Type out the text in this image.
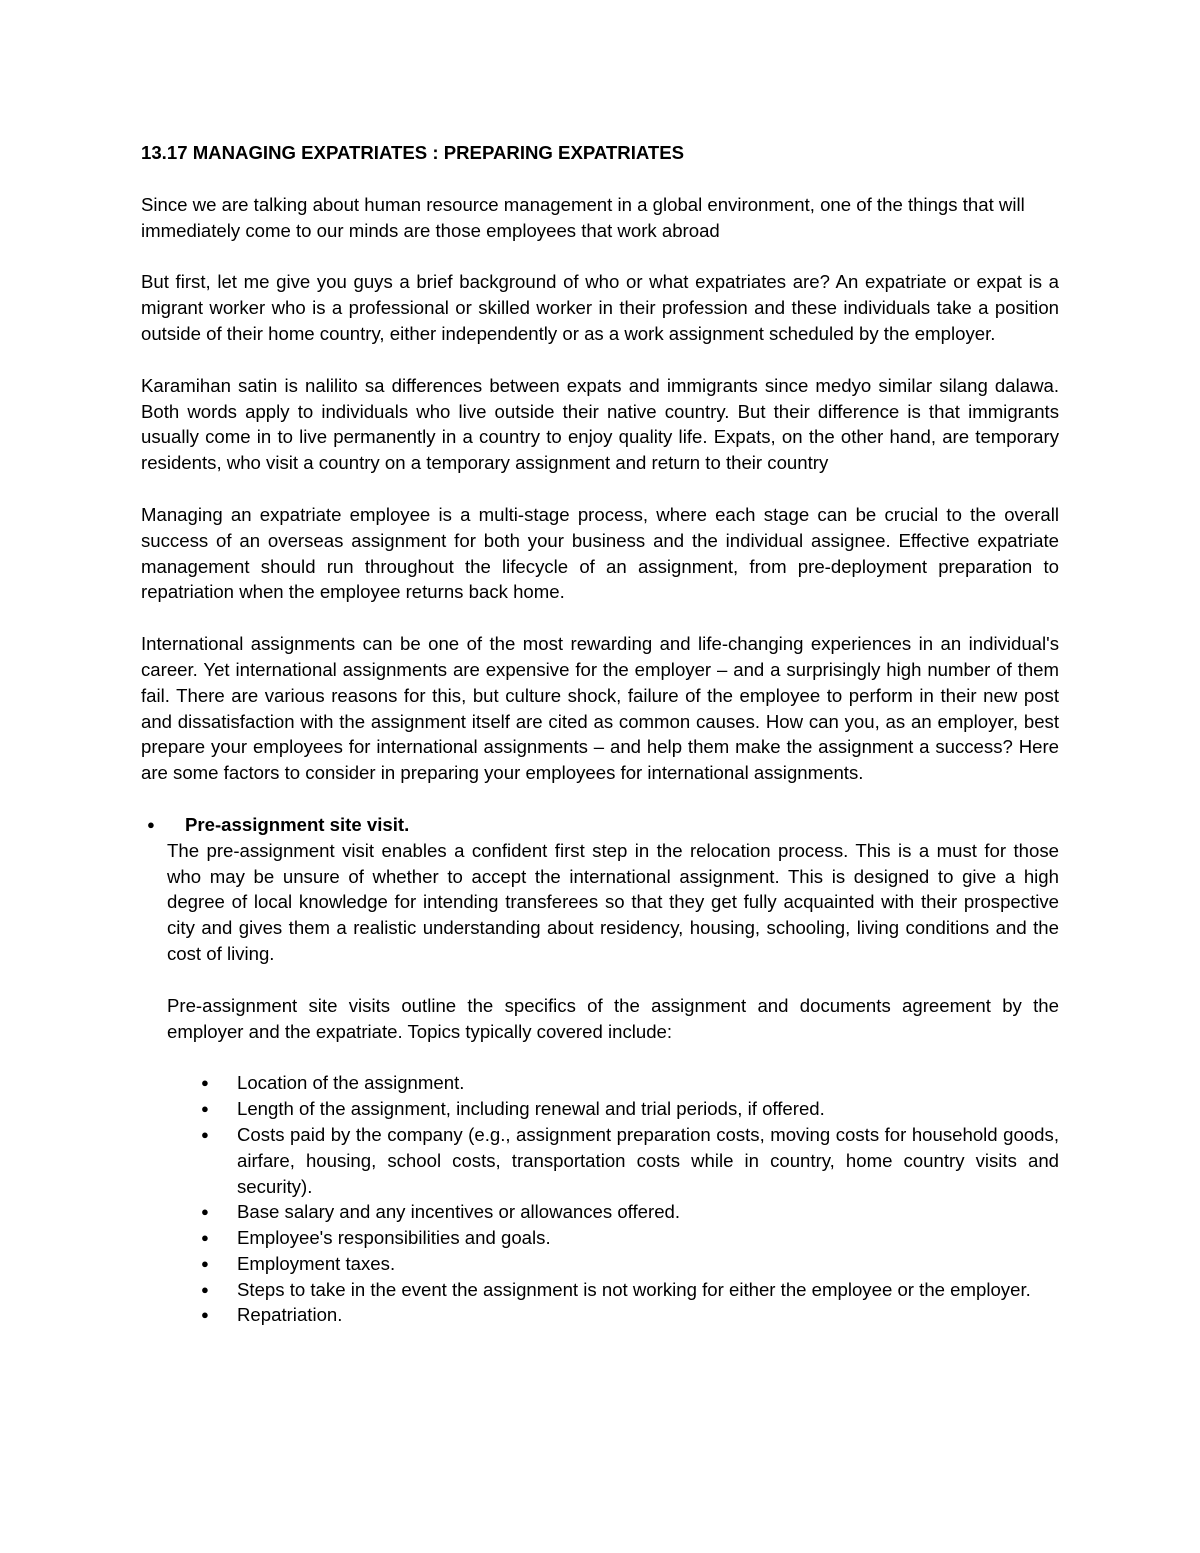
13.17 MANAGING EXPATRIATES : PREPARING EXPATRIATES

Since we are talking about human resource management in a global environment, one of the things that will immediately come to our minds are those employees that work abroad

But first, let me give you guys a brief background of who or what expatriates are? An expatriate or expat is a migrant worker who is a professional or skilled worker in their profession and these individuals take a position outside of their home country, either independently or as a work assignment scheduled by the employer.

Karamihan satin is nalilito sa differences between expats and immigrants since medyo similar silang dalawa. Both words apply to individuals who live outside their native country. But their difference is that immigrants usually come in to live permanently in a country to enjoy quality life. Expats, on the other hand, are temporary residents, who visit a country on a temporary assignment and return to their country

Managing an expatriate employee is a multi-stage process, where each stage can be crucial to the overall success of an overseas assignment for both your business and the individual assignee. Effective expatriate management should run throughout the lifecycle of an assignment, from pre-deployment preparation to repatriation when the employee returns back home.

International assignments can be one of the most rewarding and life-changing experiences in an individual's career. Yet international assignments are expensive for the employer – and a surprisingly high number of them fail. There are various reasons for this, but culture shock, failure of the employee to perform in their new post and dissatisfaction with the assignment itself are cited as common causes. How can you, as an employer, best prepare your employees for international assignments – and help them make the assignment a success? Here are some factors to consider in preparing your employees for international assignments.

● Pre-assignment site visit.

The pre-assignment visit enables a confident first step in the relocation process. This is a must for those who may be unsure of whether to accept the international assignment. This is designed to give a high degree of local knowledge for intending transferees so that they get fully acquainted with their prospective city and gives them a realistic understanding about residency, housing, schooling, living conditions and the cost of living.

Pre-assignment site visits outline the specifics of the assignment and documents agreement by the employer and the expatriate. Topics typically covered include:

● Location of the assignment.
● Length of the assignment, including renewal and trial periods, if offered.
● Costs paid by the company (e.g., assignment preparation costs, moving costs for household goods, airfare, housing, school costs, transportation costs while in country, home country visits and security).
● Base salary and any incentives or allowances offered.
● Employee's responsibilities and goals.
● Employment taxes.
● Steps to take in the event the assignment is not working for either the employee or the employer.
● Repatriation.
